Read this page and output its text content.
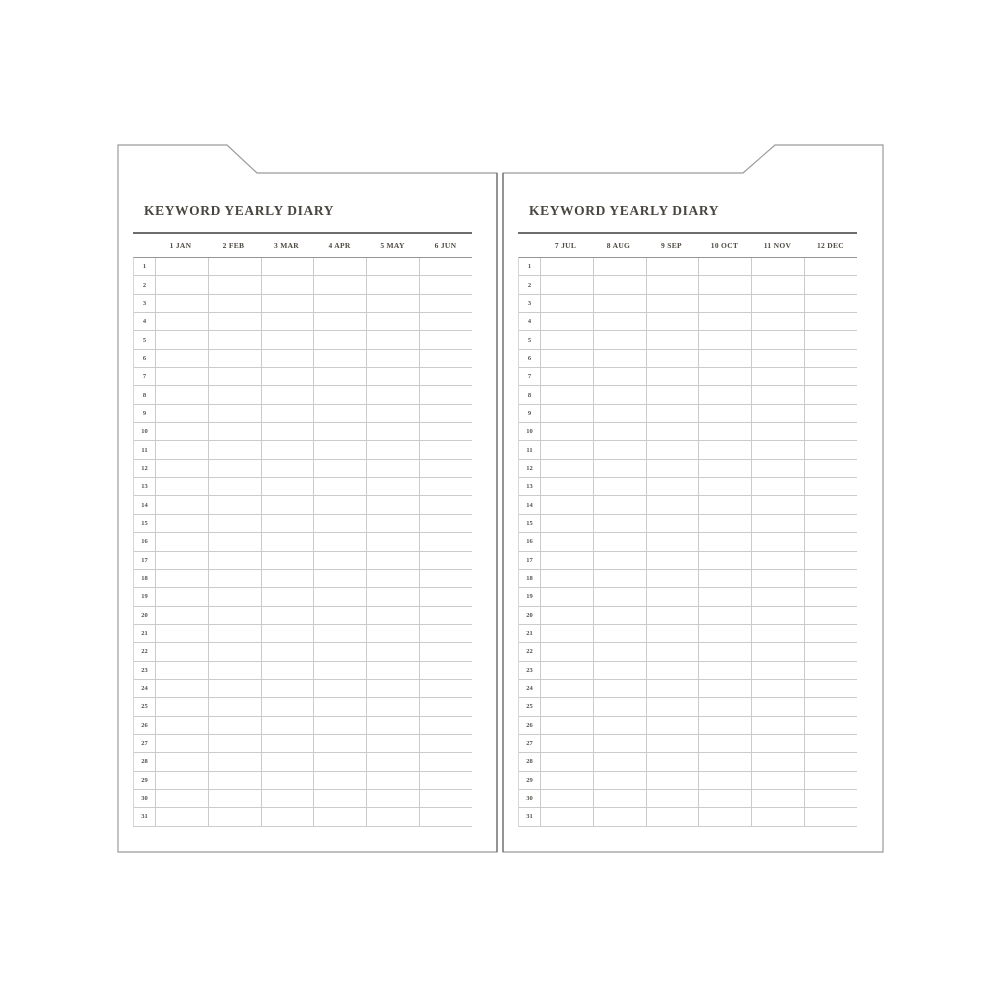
KEYWORD YEARLY DIARY
1 JAN	2 FEB	3 MAR	4 APR	5 MAY	6 JUN
1
2
3
4
5
6
7
8
9
10
11
12
13
14
15
16
17
18
19
20
21
22
23
24
25
26
27
28
29
30
31
KEYWORD YEARLY DIARY
7 JUL	8 AUG	9 SEP	10 OCT	11 NOV	12 DEC
1
2
3
4
5
6
7
8
9
10
11
12
13
14
15
16
17
18
19
20
21
22
23
24
25
26
27
28
29
30
31
